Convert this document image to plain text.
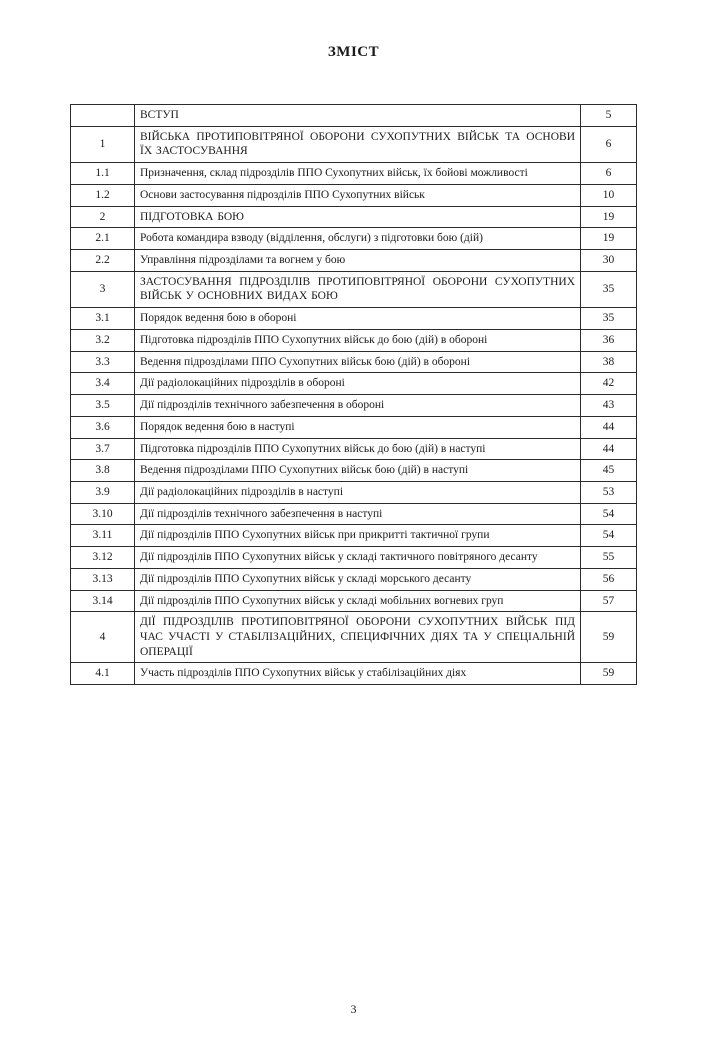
ЗМІСТ
	ВСТУП	5
1	ВІЙСЬКА ПРОТИПОВІТРЯНОЇ ОБОРОНИ СУХОПУТНИХ ВІЙСЬК ТА ОСНОВИ ЇХ ЗАСТОСУВАННЯ	6
1.1	Призначення, склад підрозділів ППО Сухопутних військ, їх бойові можливості	6
1.2	Основи застосування підрозділів ППО Сухопутних військ	10
2	ПІДГОТОВКА БОЮ	19
2.1	Робота командира взводу (відділення, обслуги) з підготовки бою (дій)	19
2.2	Управління підрозділами та вогнем у бою	30
3	ЗАСТОСУВАННЯ ПІДРОЗДІЛІВ ПРОТИПОВІТРЯНОЇ ОБОРОНИ СУХОПУТНИХ ВІЙСЬК У ОСНОВНИХ ВИДАХ БОЮ	35
3.1	Порядок ведення бою в обороні	35
3.2	Підготовка підрозділів ППО Сухопутних військ до бою (дій) в обороні	36
3.3	Ведення підрозділами ППО Сухопутних військ бою (дій) в обороні	38
3.4	Дії радіолокаційних підрозділів в обороні	42
3.5	Дії підрозділів технічного забезпечення в обороні	43
3.6	Порядок ведення бою в наступі	44
3.7	Підготовка підрозділів ППО Сухопутних військ до бою (дій) в наступі	44
3.8	Ведення підрозділами ППО Сухопутних військ бою (дій) в наступі	45
3.9	Дії радіолокаційних підрозділів в наступі	53
3.10	Дії підрозділів технічного забезпечення в наступі	54
3.11	Дії підрозділів ППО Сухопутних військ при прикритті тактичної групи	54
3.12	Дії підрозділів ППО Сухопутних військ у складі тактичного повітряного десанту	55
3.13	Дії підрозділів ППО Сухопутних військ у складі морського десанту	56
3.14	Дії підрозділів ППО Сухопутних військ у складі мобільних вогневих груп	57
4	ДІЇ ПІДРОЗДІЛІВ ПРОТИПОВІТРЯНОЇ ОБОРОНИ СУХОПУТНИХ ВІЙСЬК ПІД ЧАС УЧАСТІ У СТАБІЛІЗАЦІЙНИХ, СПЕЦИФІЧНИХ ДІЯХ ТА У СПЕЦІАЛЬНІЙ ОПЕРАЦІЇ	59
4.1	Участь підрозділів ППО Сухопутних військ у стабілізаційних діях	59
3
